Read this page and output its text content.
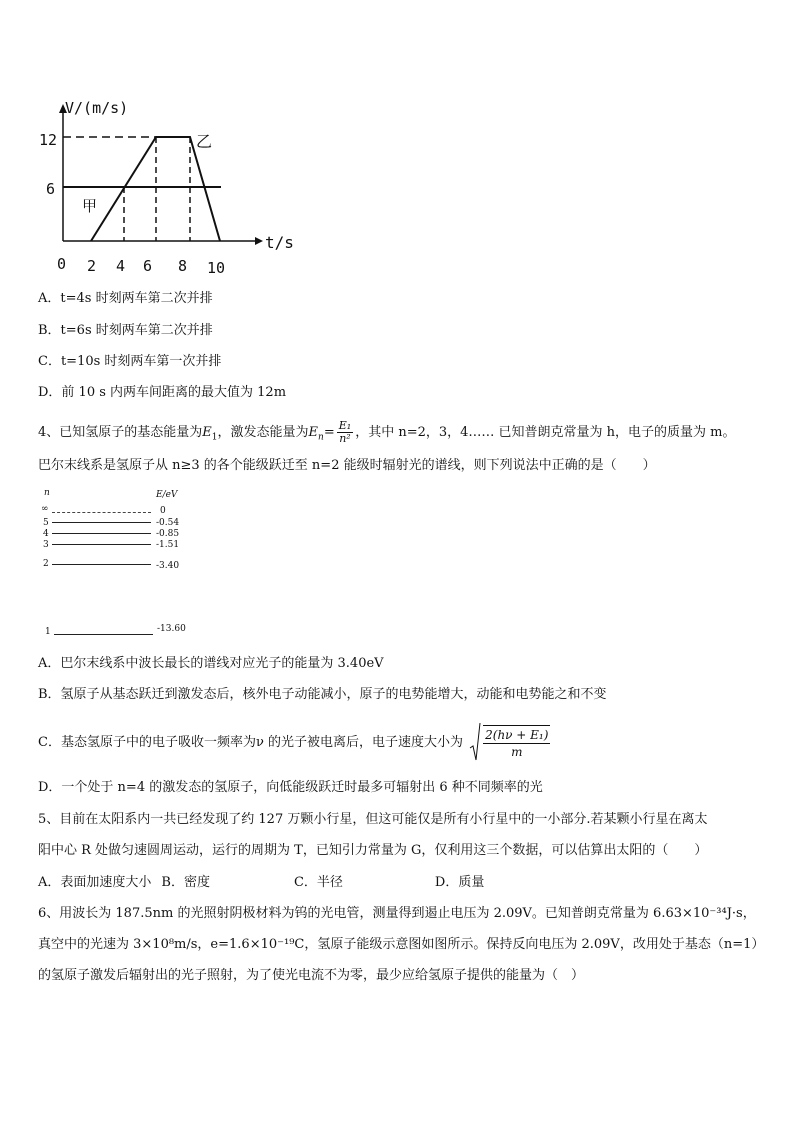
V/(m/s)
t/s
12
6
0 2 4 6 8 10
甲
乙
A．t=4s 时刻两车第二次并排
B．t=6s 时刻两车第二次并排
C．t=10s 时刻两车第一次并排
D．前 10 s 内两车间距离的最大值为 12m
4、已知氢原子的基态能量为$E_1$，激发态能量为$E_n= \frac{\text{E₁}}{\text{n²}}$ ，其中 n=2，3，4…… 已知普朗克常量为 h，电子的质量为 m。
巴尔末线系是氢原子从 n≥3 的各个能级跃迁至 n=2 能级时辐射光的谱线，则下列说法中正确的是（　　）
n	E/eV
∞	0
5	-0.54
4	-0.85
3	-1.51
2	-3.40
1	-13.60
A．巴尔末线系中波长最长的谱线对应光子的能量为 3.40eV
B．氢原子从基态跃迁到激发态后，核外电子动能减小，原子的电势能增大，动能和电势能之和不变
C．基态氢原子中的电子吸收一频率为ν 的光子被电离后，电子速度大小为 $\frac{\text{2(hν + E₁)}}{m}$
D．一个处于 n=4 的激发态的氢原子，向低能级跃迁时最多可辐射出 6 种不同频率的光
5、目前在太阳系内一共已经发现了约 127 万颗小行星，但这可能仅是所有小行星中的一小部分.若某颗小行星在离太
阳中心 R 处做匀速圆周运动，运行的周期为 T，已知引力常量为 G，仅利用这三个数据，可以估算出太阳的（　　）
A．表面加速度大小 B．密度	C．半径	D．质量
6、用波长为 187.5nm 的光照射阴极材料为钨的光电管，测量得到遏止电压为 2.09V。已知普朗克常量为 6.63×10⁻³⁴J·s，
真空中的光速为 3×10⁸m/s，e=1.6×10⁻¹⁹C，氢原子能级示意图如图所示。保持反向电压为 2.09V，改用处于基态（n=1）
的氢原子激发后辐射出的光子照射，为了使光电流不为零，最少应给氢原子提供的能量为（　）
